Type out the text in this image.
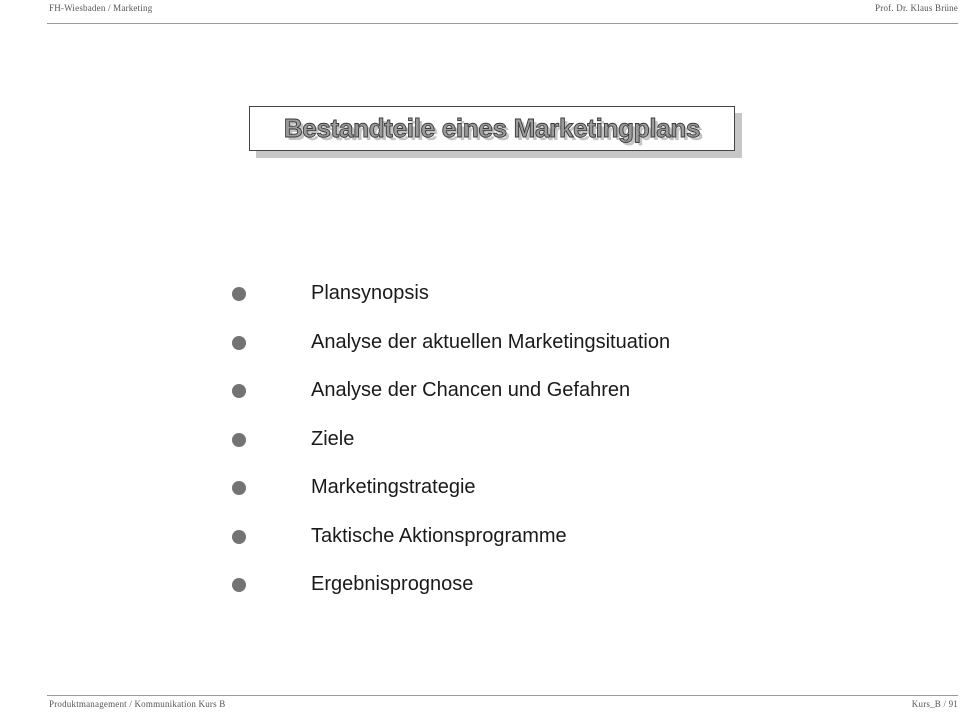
FH-Wiesbaden / Marketing	Prof. Dr. Klaus Brüne
Bestandteile eines Marketingplans
Plansynopsis
Analyse der aktuellen Marketingsituation
Analyse der Chancen und Gefahren
Ziele
Marketingstrategie
Taktische Aktionsprogramme
Ergebnisprognose
Produktmanagement / Kommunikation Kurs B	Kurs_B / 91
